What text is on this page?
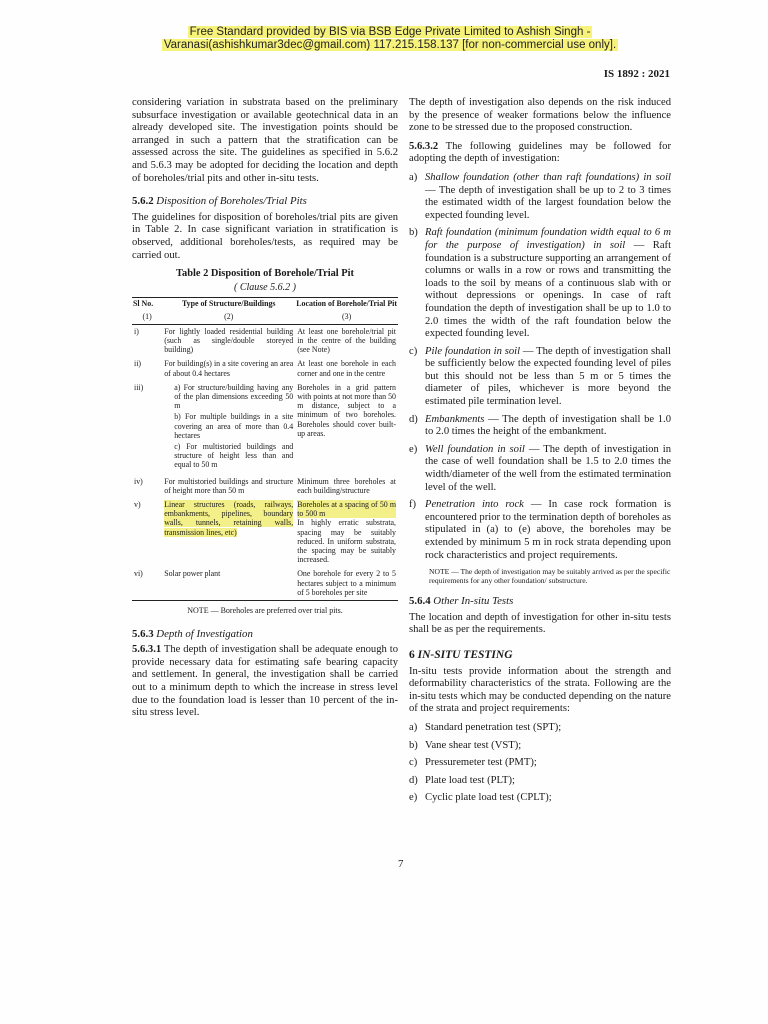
Free Standard provided by BIS via BSB Edge Private Limited to Ashish Singh -
Varanasi(ashishkumar3dec@gmail.com) 117.215.158.137 [for non-commercial use only].
IS 1892 : 2021

considering variation in substrata based on the preliminary subsurface investigation or available geotechnical data in an already developed site. The investigation points should be arranged in such a pattern that the stratification can be assessed across the site. The guidelines as specified in 5.6.2 and 5.6.3 may be adopted for deciding the location and depth of boreholes/trial pits and other in-situ tests.

5.6.2 Disposition of Boreholes/Trial Pits

The guidelines for disposition of boreholes/trial pits are given in Table 2. In case significant variation in stratification is observed, additional boreholes/tests, as required may be carried out.

Table 2 Disposition of Borehole/Trial Pit
( Clause 5.6.2 )
Sl No.	Type of Structure/Buildings	Location of Borehole/Trial Pit
(1)	(2)	(3)
i)	For lightly loaded residential building (such as single/double storeyed building)	At least one borehole/trial pit in the centre of the building (see Note)
ii)	For building(s) in a site covering an area of about 0.4 hectares	At least one borehole in each corner and one in the centre
iii)	a) For structure/building having any of the plan dimensions exceeding 50 m
b) For multiple buildings in a site covering an area of more than 0.4 hectares
c) For multistoried buildings and structure of height less than and equal to 50 m	Boreholes in a grid pattern with points at not more than 50 m distance, subject to a minimum of two boreholes. Boreholes should cover built-up areas.
iv)	For multistoried buildings and structure of height more than 50 m	Minimum three boreholes at each building/structure
v)	Linear structures (roads, railways, embankments, pipelines, boundary walls, tunnels, retaining walls, transmission lines, etc)	Boreholes at a spacing of 50 m to 500 m
In highly erratic substrata, spacing may be suitably reduced. In uniform substrata, the spacing may be suitably increased.

vi)	Solar power plant	One borehole for every 2 to 5 hectares subject to a minimum of 5 boreholes per site
NOTE — Boreholes are preferred over trial pits.
5.6.3 Depth of Investigation

5.6.3.1 The depth of investigation shall be adequate enough to provide necessary data for estimating safe bearing capacity and settlement. In general, the investigation shall be carried out to a minimum depth to which the increase in stress level due to the foundation load is lesser than 10 percent of the in-situ stress level.

The depth of investigation also depends on the risk induced by the presence of weaker formations below the influence zone to be stressed due to the proposed construction.

5.6.3.2 The following guidelines may be followed for adopting the depth of investigation:

a) Shallow foundation (other than raft foundations) in soil — The depth of investigation shall be up to 2 to 3 times the estimated width of the largest foundation below the expected founding level.
b) Raft foundation (minimum foundation width equal to 6 m for the purpose of investigation) in soil — Raft foundation is a substructure supporting an arrangement of columns or walls in a row or rows and transmitting the loads to the soil by means of a continuous slab with or without depressions or openings. In case of raft foundation the depth of investigation shall be up to 1.0 to 2.0 times the width of the raft foundation below the expected founding level.
c) Pile foundation in soil — The depth of investigation shall be sufficiently below the expected founding level of piles but this should not be less than 5 m or 5 times the diameter of piles, whichever is more beyond the estimated pile termination level.
d) Embankments — The depth of investigation shall be 1.0 to 2.0 times the height of the embankment.
e) Well foundation in soil — The depth of investigation in the case of well foundation shall be 1.5 to 2.0 times the width/diameter of the well from the estimated termination level of the well.
f) Penetration into rock — In case rock formation is encountered prior to the termination depth of boreholes as stipulated in (a) to (e) above, the boreholes may be extended by minimum 5 m in rock strata depending upon rock characteristics and project requirements.
NOTE — The depth of investigation may be suitably arrived as per the specific requirements for any other foundation/ substructure.
5.6.4 Other In-situ Tests

The location and depth of investigation for other in-situ tests shall be as per the requirements.

6 IN-SITU TESTING

In-situ tests provide information about the strength and deformability characteristics of the strata. Following are the in-situ tests which may be conducted depending on the nature of the strata and project requirements:

a) Standard penetration test (SPT);
b) Vane shear test (VST);
c) Pressuremeter test (PMT);
d) Plate load test (PLT);
e) Cyclic plate load test (CPLT);
7
